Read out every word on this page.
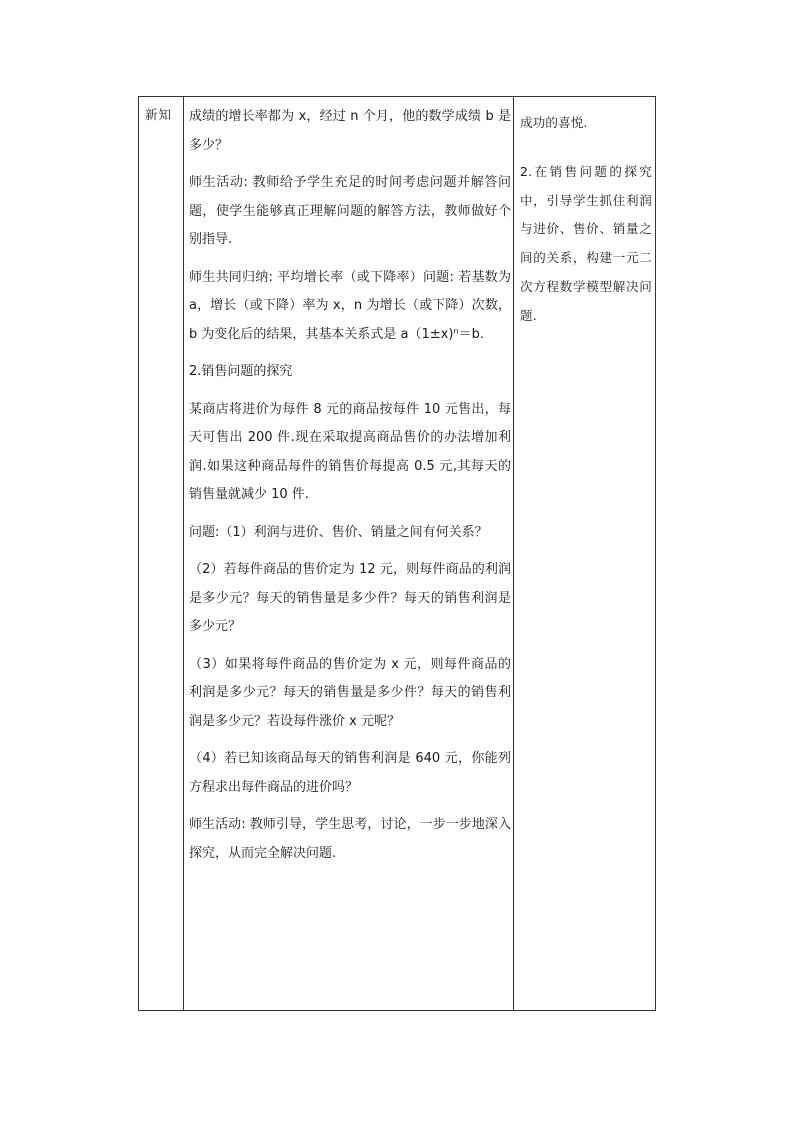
新知 成绩的增长率都为 x，经过 n 个月，他的数学成绩 b 是多少？

师生活动: 教师给予学生充足的时间考虑问题并解答问题，使学生能够真正理解问题的解答方法，教师做好个别指导.

师生共同归纳: 平均增长率（或下降率）问题: 若基数为 a，增长（或下降）率为 x，n 为增长（或下降）次数，b 为变化后的结果，其基本关系式是 a（1±x)ⁿ＝b.

2.销售问题的探究

某商店将进价为每件 8 元的商品按每件 10 元售出，每天可售出 200 件.现在采取提高商品售价的办法增加利润.如果这种商品每件的销售价每提高 0.5 元,其每天的销售量就减少 10 件.

问题:（1）利润与进价、售价、销量之间有何关系？

（2）若每件商品的售价定为 12 元，则每件商品的利润是多少元？每天的销售量是多少件？每天的销售利润是多少元？

（3）如果将每件商品的售价定为 x 元，则每件商品的利润是多少元？每天的销售量是多少件？每天的销售利润是多少元？若设每件涨价 x 元呢？

（4）若已知该商品每天的销售利润是 640 元，你能列方程求出每件商品的进价吗？

师生活动: 教师引导，学生思考，讨论，一步一步地深入探究，从而完全解决问题.

成功的喜悦.

2.在销售问题的探究中，引导学生抓住利润与进价、售价、销量之间的关系，构建一元二次方程数学模型解决问题.
